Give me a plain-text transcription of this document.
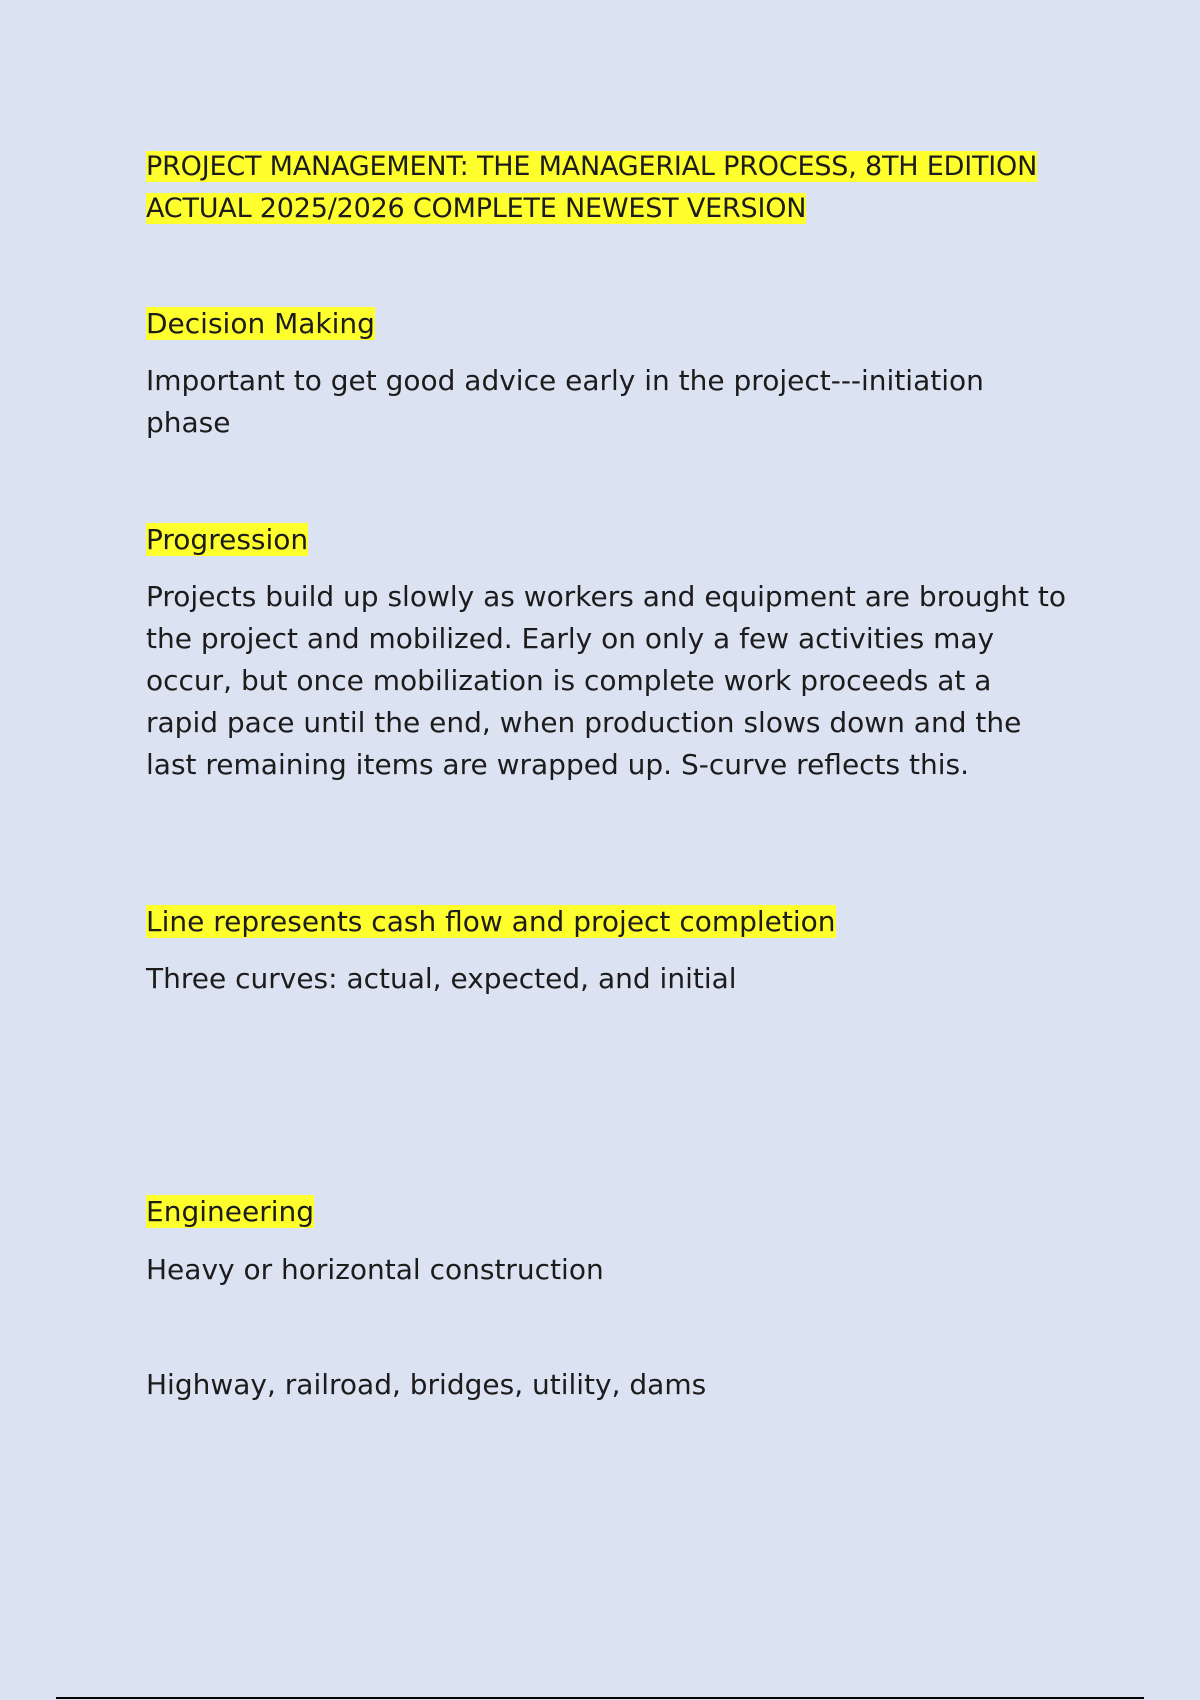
PROJECT MANAGEMENT: THE MANAGERIAL PROCESS, 8TH EDITION ACTUAL 2025/2026 COMPLETE NEWEST VERSION

Decision Making

Important to get good advice early in the project---initiation phase

Progression

Projects build up slowly as workers and equipment are brought to the project and mobilized. Early on only a few activities may occur, but once mobilization is complete work proceeds at a rapid pace until the end, when production slows down and the last remaining items are wrapped up. S-curve reflects this.

Line represents cash flow and project completion

Three curves: actual, expected, and initial

Engineering

Heavy or horizontal construction

Highway, railroad, bridges, utility, dams
